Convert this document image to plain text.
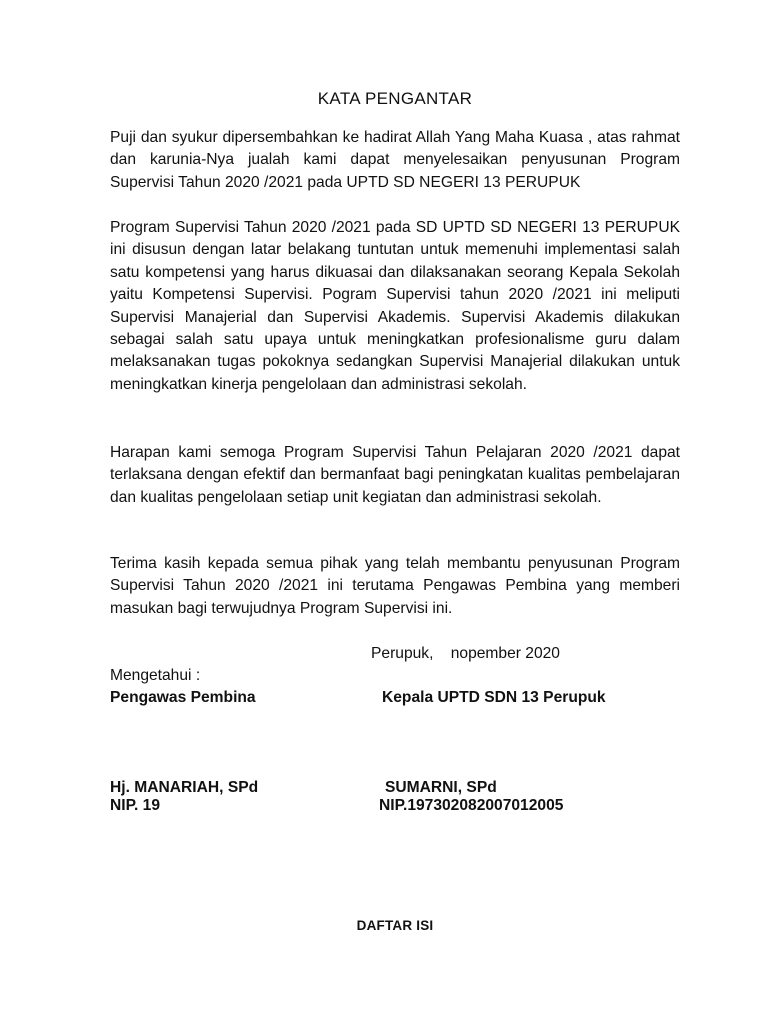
KATA PENGANTAR

Puji dan syukur dipersembahkan ke hadirat Allah Yang Maha Kuasa , atas rahmat dan karunia-Nya jualah kami dapat menyelesaikan penyusunan Program Supervisi Tahun 2020 /2021 pada UPTD SD NEGERI 13 PERUPUK

Program Supervisi Tahun 2020 /2021 pada SD UPTD SD NEGERI 13 PERUPUK ini disusun dengan latar belakang tuntutan untuk memenuhi implementasi salah satu kompetensi yang harus dikuasai dan dilaksanakan seorang Kepala Sekolah yaitu Kompetensi Supervisi. Pogram Supervisi tahun 2020 /2021 ini meliputi Supervisi Manajerial dan Supervisi Akademis. Supervisi Akademis dilakukan sebagai salah satu upaya untuk meningkatkan profesionalisme guru dalam melaksanakan tugas pokoknya sedangkan Supervisi Manajerial dilakukan untuk meningkatkan kinerja pengelolaan dan administrasi sekolah.

Harapan kami semoga Program Supervisi Tahun Pelajaran 2020 /2021 dapat terlaksana dengan efektif dan bermanfaat bagi peningkatan kualitas pembelajaran dan kualitas pengelolaan setiap unit kegiatan dan administrasi sekolah.

Terima kasih kepada semua pihak yang telah membantu penyusunan Program Supervisi Tahun 2020 /2021 ini terutama Pengawas Pembina yang memberi masukan bagi terwujudnya Program Supervisi ini.

Perupuk,    nopember 2020
Mengetahui :
Pengawas Pembina	Kepala UPTD SDN 13 Perupuk
Hj. MANARIAH, SPd	SUMARNI, SPd
NIP. 19	NIP.197302082007012005
DAFTAR ISI
